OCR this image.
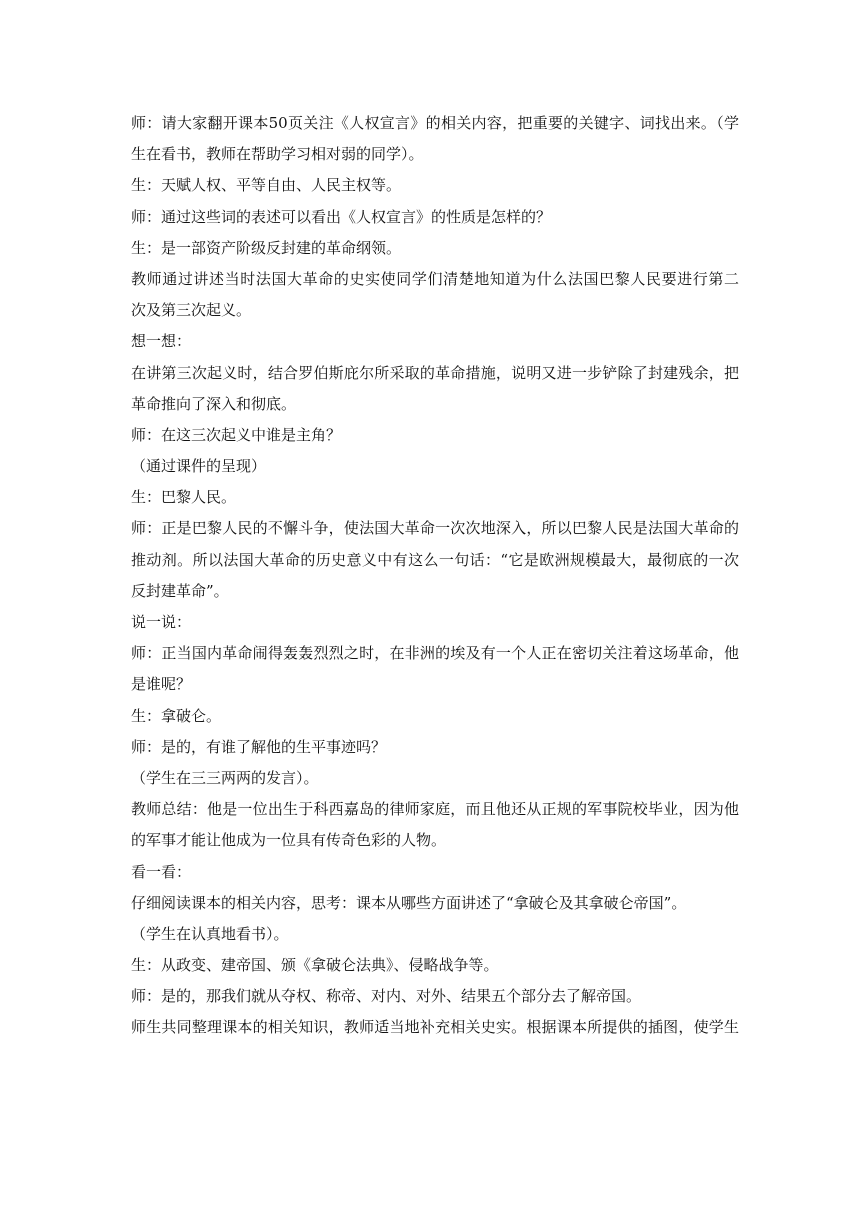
师：请大家翻开课本50页关注《人权宣言》的相关内容，把重要的关键字、词找出来。（学
生在看书，教师在帮助学习相对弱的同学）。
生：天赋人权、平等自由、人民主权等。
师：通过这些词的表述可以看出《人权宣言》的性质是怎样的？
生：是一部资产阶级反封建的革命纲领。
教师通过讲述当时法国大革命的史实使同学们清楚地知道为什么法国巴黎人民要进行第二
次及第三次起义。
想一想：
在讲第三次起义时，结合罗伯斯庇尔所采取的革命措施，说明又进一步铲除了封建残余，把
革命推向了深入和彻底。
师：在这三次起义中谁是主角？
（通过课件的呈现）
生：巴黎人民。
师：正是巴黎人民的不懈斗争，使法国大革命一次次地深入，所以巴黎人民是法国大革命的
推动剂。所以法国大革命的历史意义中有这么一句话：“它是欧洲规模最大，最彻底的一次
反封建革命”。
说一说：
师：正当国内革命闹得轰轰烈烈之时，在非洲的埃及有一个人正在密切关注着这场革命，他
是谁呢？
生：拿破仑。
师：是的，有谁了解他的生平事迹吗？
（学生在三三两两的发言）。
教师总结：他是一位出生于科西嘉岛的律师家庭，而且他还从正规的军事院校毕业，因为他
的军事才能让他成为一位具有传奇色彩的人物。
看一看：
仔细阅读课本的相关内容，思考：课本从哪些方面讲述了“拿破仑及其拿破仑帝国”。
（学生在认真地看书）。
生：从政变、建帝国、颁《拿破仑法典》、侵略战争等。
师：是的，那我们就从夺权、称帝、对内、对外、结果五个部分去了解帝国。
师生共同整理课本的相关知识，教师适当地补充相关史实。根据课本所提供的插图，使学生
